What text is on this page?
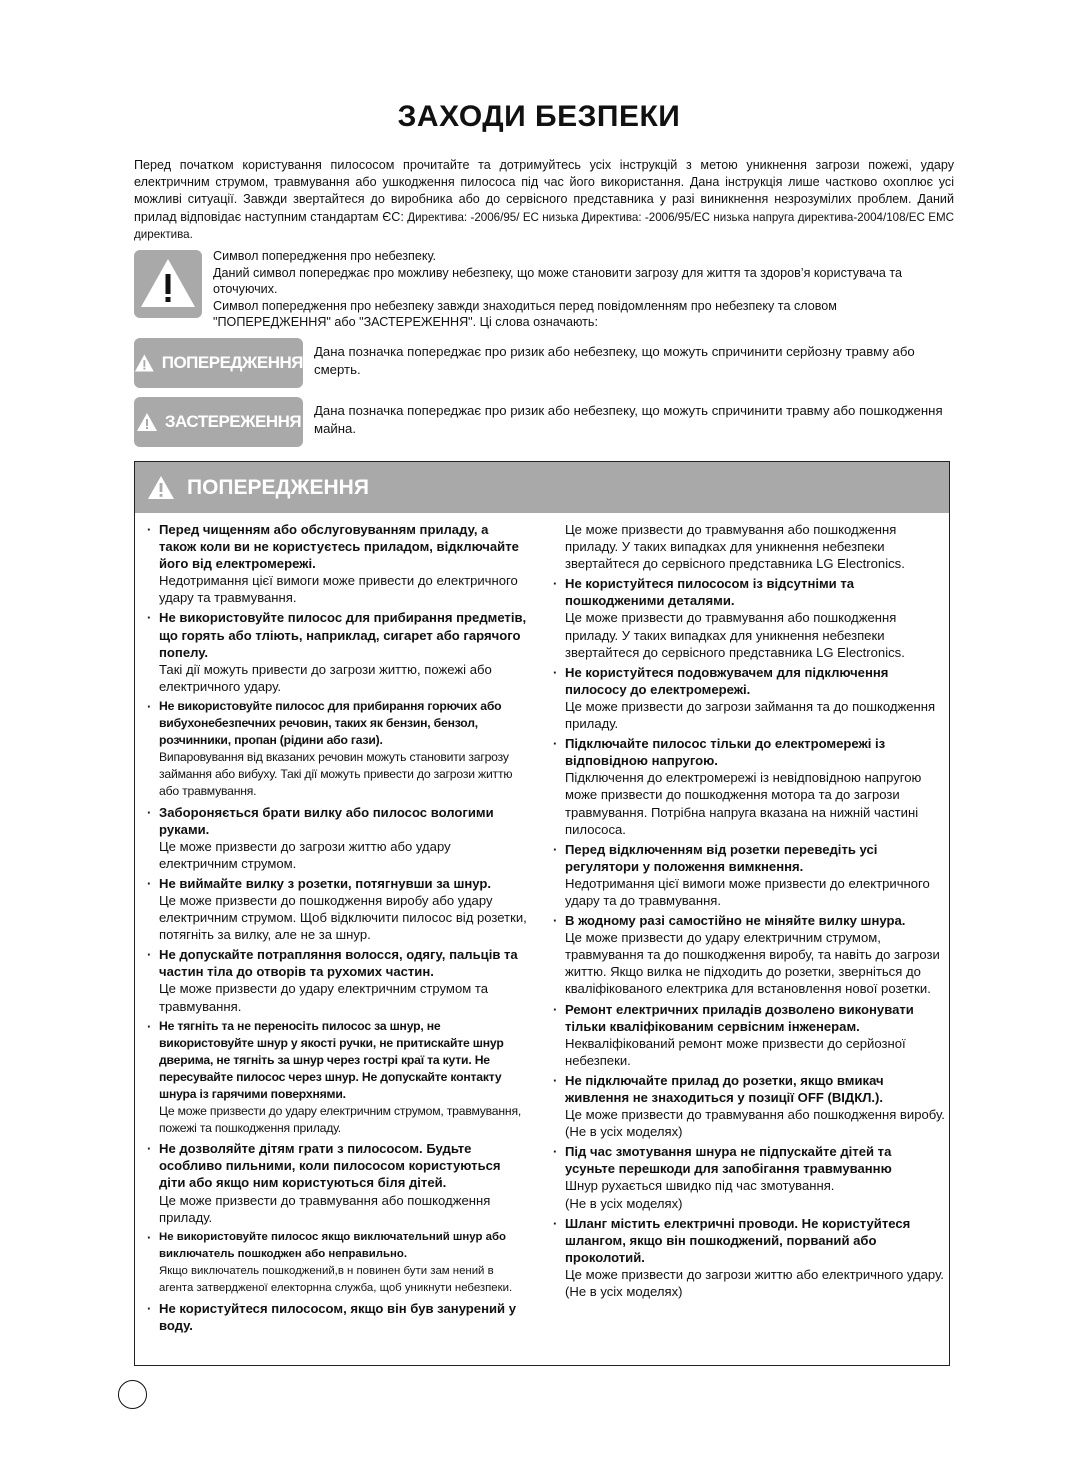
ЗАХОДИ БЕЗПЕКИ
Перед початком користування пилососом прочитайте та дотримуйтесь усіх інструкцій з метою уникнення загрози пожежі, удару електричним струмом, травмування або ушкодження пилососа під час його використання. Дана інструкція лише частково охоплює усі можливі ситуації. Завжди звертайтеся до виробника або до сервісного представника у разі виникнення незрозумілих проблем. Даний прилад відповідає наступним стандартам ЄС: Директива: -2006/95/ ЕС низька Директива: -2006/95/ЕС низька напруга директива-2004/108/ЕС ЕМС директива.
Символ попередження про небезпеку.
Даний символ попереджає про можливу небезпеку, що може становити загрозу для життя та здоров’я користувача та оточуючих.
Символ попередження про небезпеку завжди знаходиться перед повідомленням про небезпеку та словом "ПОПЕРЕДЖЕННЯ" або "ЗАСТЕРЕЖЕННЯ". Ці слова означають:
ПОПЕРЕДЖЕННЯ
Дана позначка попереджає про ризик або небезпеку, що можуть спричинити серйозну травму або смерть.
ЗАСТЕРЕЖЕННЯ
Дана позначка попереджає про ризик або небезпеку, що можуть спричинити травму або пошкодження майна.
ПОПЕРЕДЖЕННЯ
· Перед чищенням або обслуговуванням приладу, а також коли ви не користуєтесь приладом, відключайте його від електромережі.
Недотримання цієї вимоги може привести до електричного удару та травмування.
· Не використовуйте пилосос для прибирання предметів, що горять або тліють, наприклад, сигарет або гарячого попелу.
Такі дії можуть привести до загрози життю, пожежі або електричного удару.
· Не використовуйте пилосос для прибирання горючих або вибухонебезпечних речовин, таких як бензин, бензол, розчинники, пропан (рідини або гази).
Випаровування від вказаних речовин можуть становити загрозу займання або вибуху. Такі дії можуть привести до загрози життю або травмування.
· Забороняється брати вилку або пилосос вологими руками.
Це може призвести до загрози життю або удару електричним струмом.
· Не виймайте вилку з розетки, потягнувши за шнур.
Це може призвести до пошкодження виробу або удару електричним струмом. Щоб відключити пилосос від розетки, потягніть за вилку, але не за шнур.
· Не допускайте потрапляння волосся, одягу, пальців та частин тіла до отворів та рухомих частин.
Це може призвести до удару електричним струмом та травмування.
· Не тягніть та не переносіть пилосос за шнур, не використовуйте шнур у якості ручки, не притискайте шнур дверима, не тягніть за шнур через гострі краї та кути. Не пересувайте пилосос через шнур. Не допускайте контакту шнура із гарячими поверхнями.
Це може призвести до удару електричним струмом, травмування, пожежі та пошкодження приладу.
· Не дозволяйте дітям грати з пилососом. Будьте особливо пильними, коли пилососом користуються діти або якщо ним користуються біля дітей.
Це може призвести до травмування або пошкодження приладу.
· Не використовуйте пилосос якщо виключательний шнур або виключатель пошкоджен або неправильно.
Якщо виключатель пошкоджений,в н повинен бути зам нений в агента затвердженої електорнна служба, щоб уникнути небезпеки.
· Не користуйтеся пилососом, якщо він був занурений у воду.
Це може призвести до травмування або пошкодження приладу. У таких випадках для уникнення небезпеки звертайтеся до сервісного представника LG Electronics.
· Не користуйтеся пилососом із відсутніми та пошкодженими деталями.
Це може призвести до травмування або пошкодження приладу. У таких випадках для уникнення небезпеки звертайтеся до сервісного представника LG Electronics.
· Не користуйтеся подовжувачем для підключення пилососу до електромережі.
Це може призвести до загрози займання та до пошкодження приладу.
· Підключайте пилосос тільки до електромережі із відповідною напругою.
Підключення до електромережі із невідповідною напругою може призвести до пошкодження мотора та до загрози травмування. Потрібна напруга вказана на нижній частині пилососа.
· Перед відключенням від розетки переведіть усі регулятори у положення вимкнення.
Недотримання цієї вимоги може призвести до електричного удару та до травмування.
· В жодному разі самостійно не міняйте вилку шнура.
Це може призвести до удару електричним струмом, травмування та до пошкодження виробу, та навіть до загрози життю. Якщо вилка не підходить до розетки, зверніться до кваліфікованого електрика для встановлення нової розетки.
· Ремонт електричних приладів дозволено виконувати тільки кваліфікованим сервісним інженерам.
Некваліфікований ремонт може призвести до серйозної небезпеки.
· Не підключайте прилад до розетки, якщо вмикач живлення не знаходиться у позиції OFF (ВІДКЛ.).
Це може призвести до травмування або пошкодження виробу.(Не в усіх моделях)
· Під час змотування шнура не підпускайте дітей та усуньте перешкоди для запобігання травмуванню
Шнур рухається швидко під час змотування.
(Не в усіх моделях)
· Шланг містить електричні проводи. Не користуйтеся шлангом, якщо він пошкоджений, порваний або проколотий.
Це може призвести до загрози життю або електричного удару.(Не в усіх моделях)
